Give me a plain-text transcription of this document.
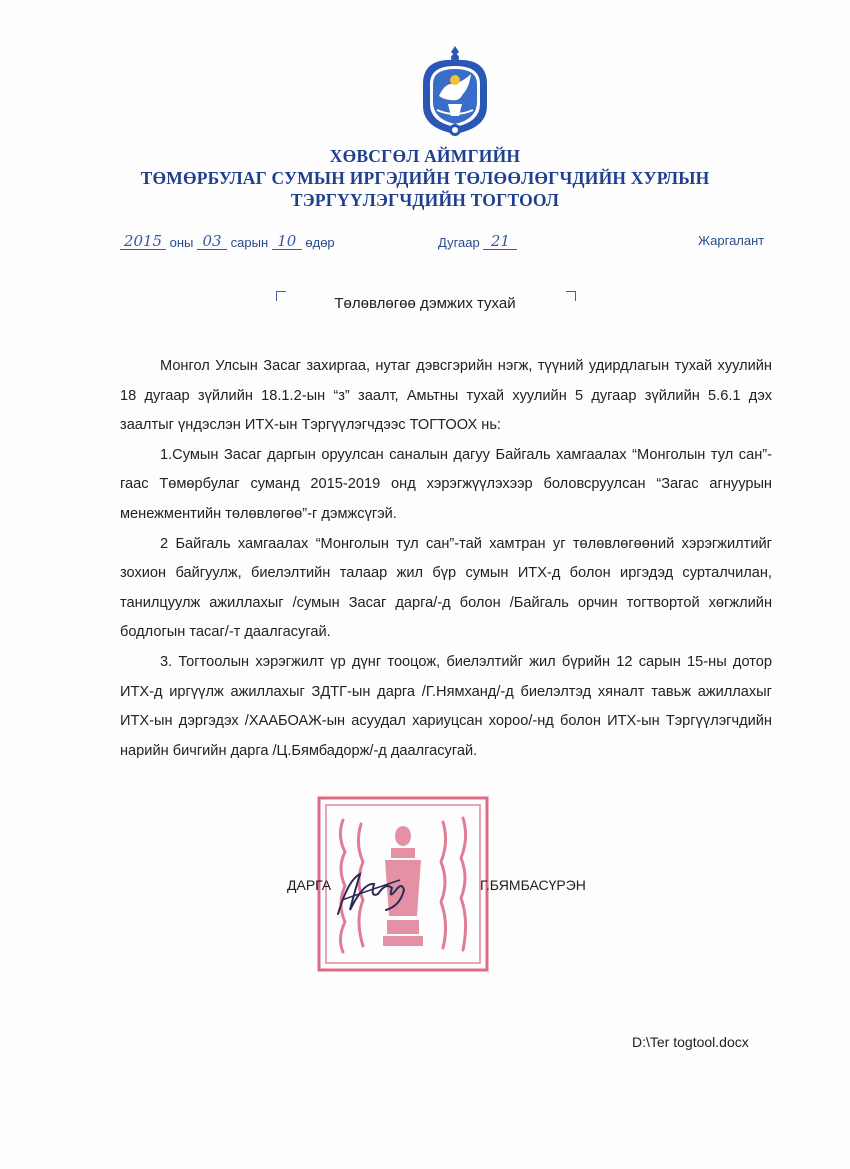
ХӨВСГӨЛ АЙМГИЙН
ТӨМӨРБУЛАГ СУМЫН ИРГЭДИЙН ТӨЛӨӨЛӨГЧДИЙН ХУРЛЫН
ТЭРГҮҮЛЭГЧДИЙН ТОГТООЛ
2015 оны 03 сарын 10 өдөр	Дугаар 21	Жаргалант
Төлөвлөгөө дэмжих тухай

Монгол Улсын Засаг захиргаа, нутаг дэвсгэрийн нэгж, түүний удирдлагын тухай хуулийн 18 дугаар зүйлийн 18.1.2-ын “з” заалт, Амьтны тухай хуулийн 5 дугаар зүйлийн 5.6.1 дэх заалтыг үндэслэн ИТХ-ын Тэргүүлэгчдээс ТОГТООХ нь:

1.Сумын Засаг даргын оруулсан саналын дагуу Байгаль хамгаалах “Монголын тул сан”-гаас Төмөрбулаг суманд 2015-2019 онд хэрэгжүүлэхээр боловсруулсан “Загас агнуурын менежментийн төлөвлөгөө”-г дэмжсүгэй.

2 Байгаль хамгаалах “Монголын тул сан”-тай хамтран уг төлөвлөгөөний хэрэгжилтийг зохион байгуулж, биелэлтийн талаар жил бүр сумын ИТХ-д болон иргэдэд сурталчилан, танилцуулж ажиллахыг /сумын Засаг дарга/-д болон /Байгаль орчин тогтвортой хөгжлийн бодлогын тасаг/-т даалгасугай.

3. Тогтоолын хэрэгжилт үр дүнг тооцож, биелэлтийг жил бүрийн 12 сарын 15-ны дотор ИТХ-д иргүүлж ажиллахыг ЗДТГ-ын дарга /Г.Нямханд/-д биелэлтэд хяналт тавьж ажиллахыг ИТХ-ын дэргэдэх /ХААБОАЖ-ын асуудал хариуцсан хороо/-нд болон ИТХ-ын Тэргүүлэгчдийн нарийн бичгийн дарга /Ц.Бямбадорж/-д даалгасугай.

ДАРГА	Г.БЯМБАСҮРЭН
D:\Ter togtool.docx
